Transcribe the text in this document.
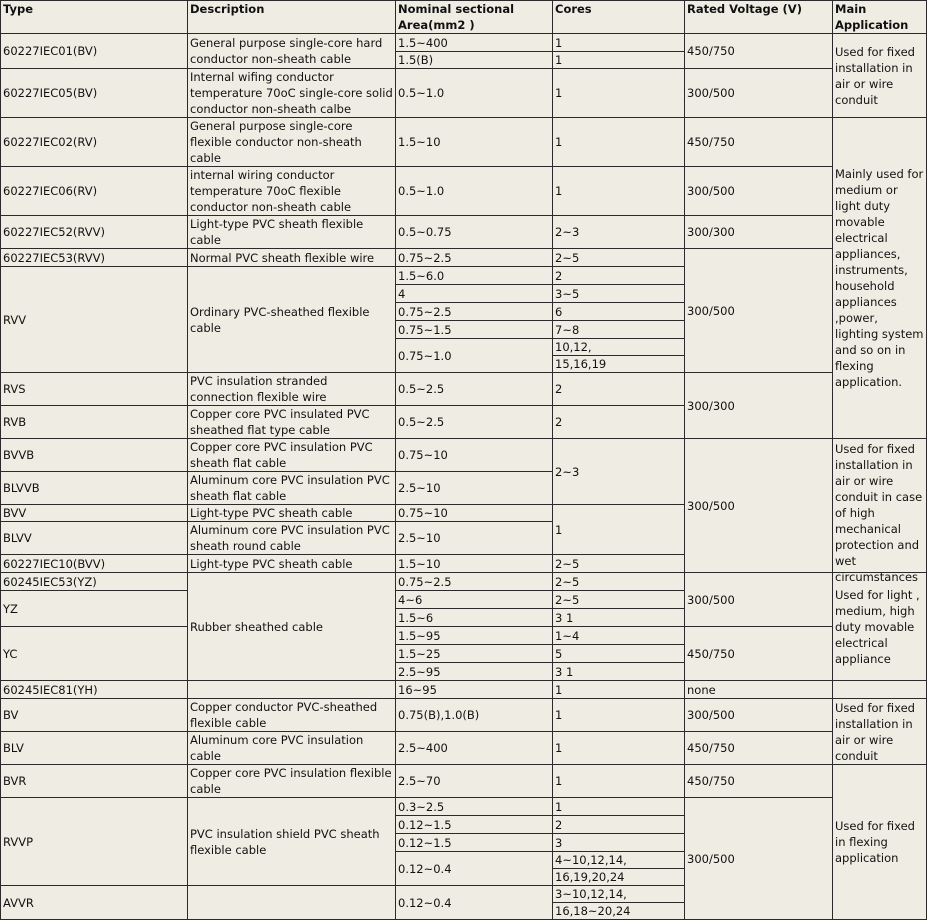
Type	Description	Nominal sectional Area(mm2 )	Cores	Rated Voltage (V)	Main Application
60227IEC01(BV)	General purpose single-core hard conductor non-sheath cable	1.5~400	1	450/750	Used for fixed installation in air or wire conduit
		1.5(B)	1		
60227IEC05(BV)	Internal wifing conductor temperature 70oC single-core solid conductor non-sheath calbe	0.5~1.0	1	300/500	
60227IEC02(RV)	General purpose single-core flexible conductor non-sheath cable	1.5~10	1	450/750	Mainly used for medium or light duty movable electrical appliances, instruments, household appliances ,power, lighting system and so on in flexing application.
60227IEC06(RV)	internal wiring conductor temperature 70oC flexible conductor non-sheath cable	0.5~1.0	1	300/500	
60227IEC52(RVV)	Light-type PVC sheath flexible cable	0.5~0.75	2~3	300/300	
60227IEC53(RVV)	Normal PVC sheath flexible wire	0.75~2.5	2~5	300/500	
RVV	Ordinary PVC-sheathed flexible cable	1.5~6.0	2		
		4	3~5		
		0.75~2.5	6		
		0.75~1.5	7~8		
		0.75~1.0	10,12,		
			15,16,19		
RVS	PVC insulation stranded connection flexible wire	0.5~2.5	2	300/300	
RVB	Copper core PVC insulated PVC sheathed flat type cable	0.5~2.5	2		
BVVB	Copper core PVC insulation PVC sheath flat cable	0.75~10	2~3	300/500	Used for fixed installation in air or wire conduit in case of high mechanical protection and wet circumstances

BLVVB	Aluminum core PVC insulation PVC sheath flat cable	2.5~10			
BVV	Light-type PVC sheath cable	0.75~10	1		
BLVV	Aluminum core PVC insulation PVC sheath round cable	2.5~10			
60227IEC10(BVV)	Light-type PVC sheath cable	1.5~10	2~5		
60245IEC53(YZ)	Rubber sheathed cable	0.75~2.5	2~5	300/500	Used for light , medium, high duty movable electrical appliance
YZ		4~6	2~5		
		1.5~6	3 1		
YC		1.5~95	1~4	450/750	
		1.5~25	5		
		2.5~95	3 1		
60245IEC81(YH)		16~95	1	none	
BV	Copper conductor PVC-sheathed flexible cable	0.75(B),1.0(B)	1	300/500	Used for fixed installation in air or wire conduit
BLV	Aluminum core PVC insulation cable	2.5~400	1	450/750	
BVR	Copper core PVC insulation flexible cable	2.5~70	1	450/750	Used for fixed in flexing application
RVVP	PVC insulation shield PVC sheath flexible cable	0.3~2.5	1	300/500	
		0.12~1.5	2		
		0.12~1.5	3		
		0.12~0.4	4~10,12,14,		
			16,19,20,24		
AVVR		0.12~0.4	3~10,12,14,		
			16,18~20,24		
